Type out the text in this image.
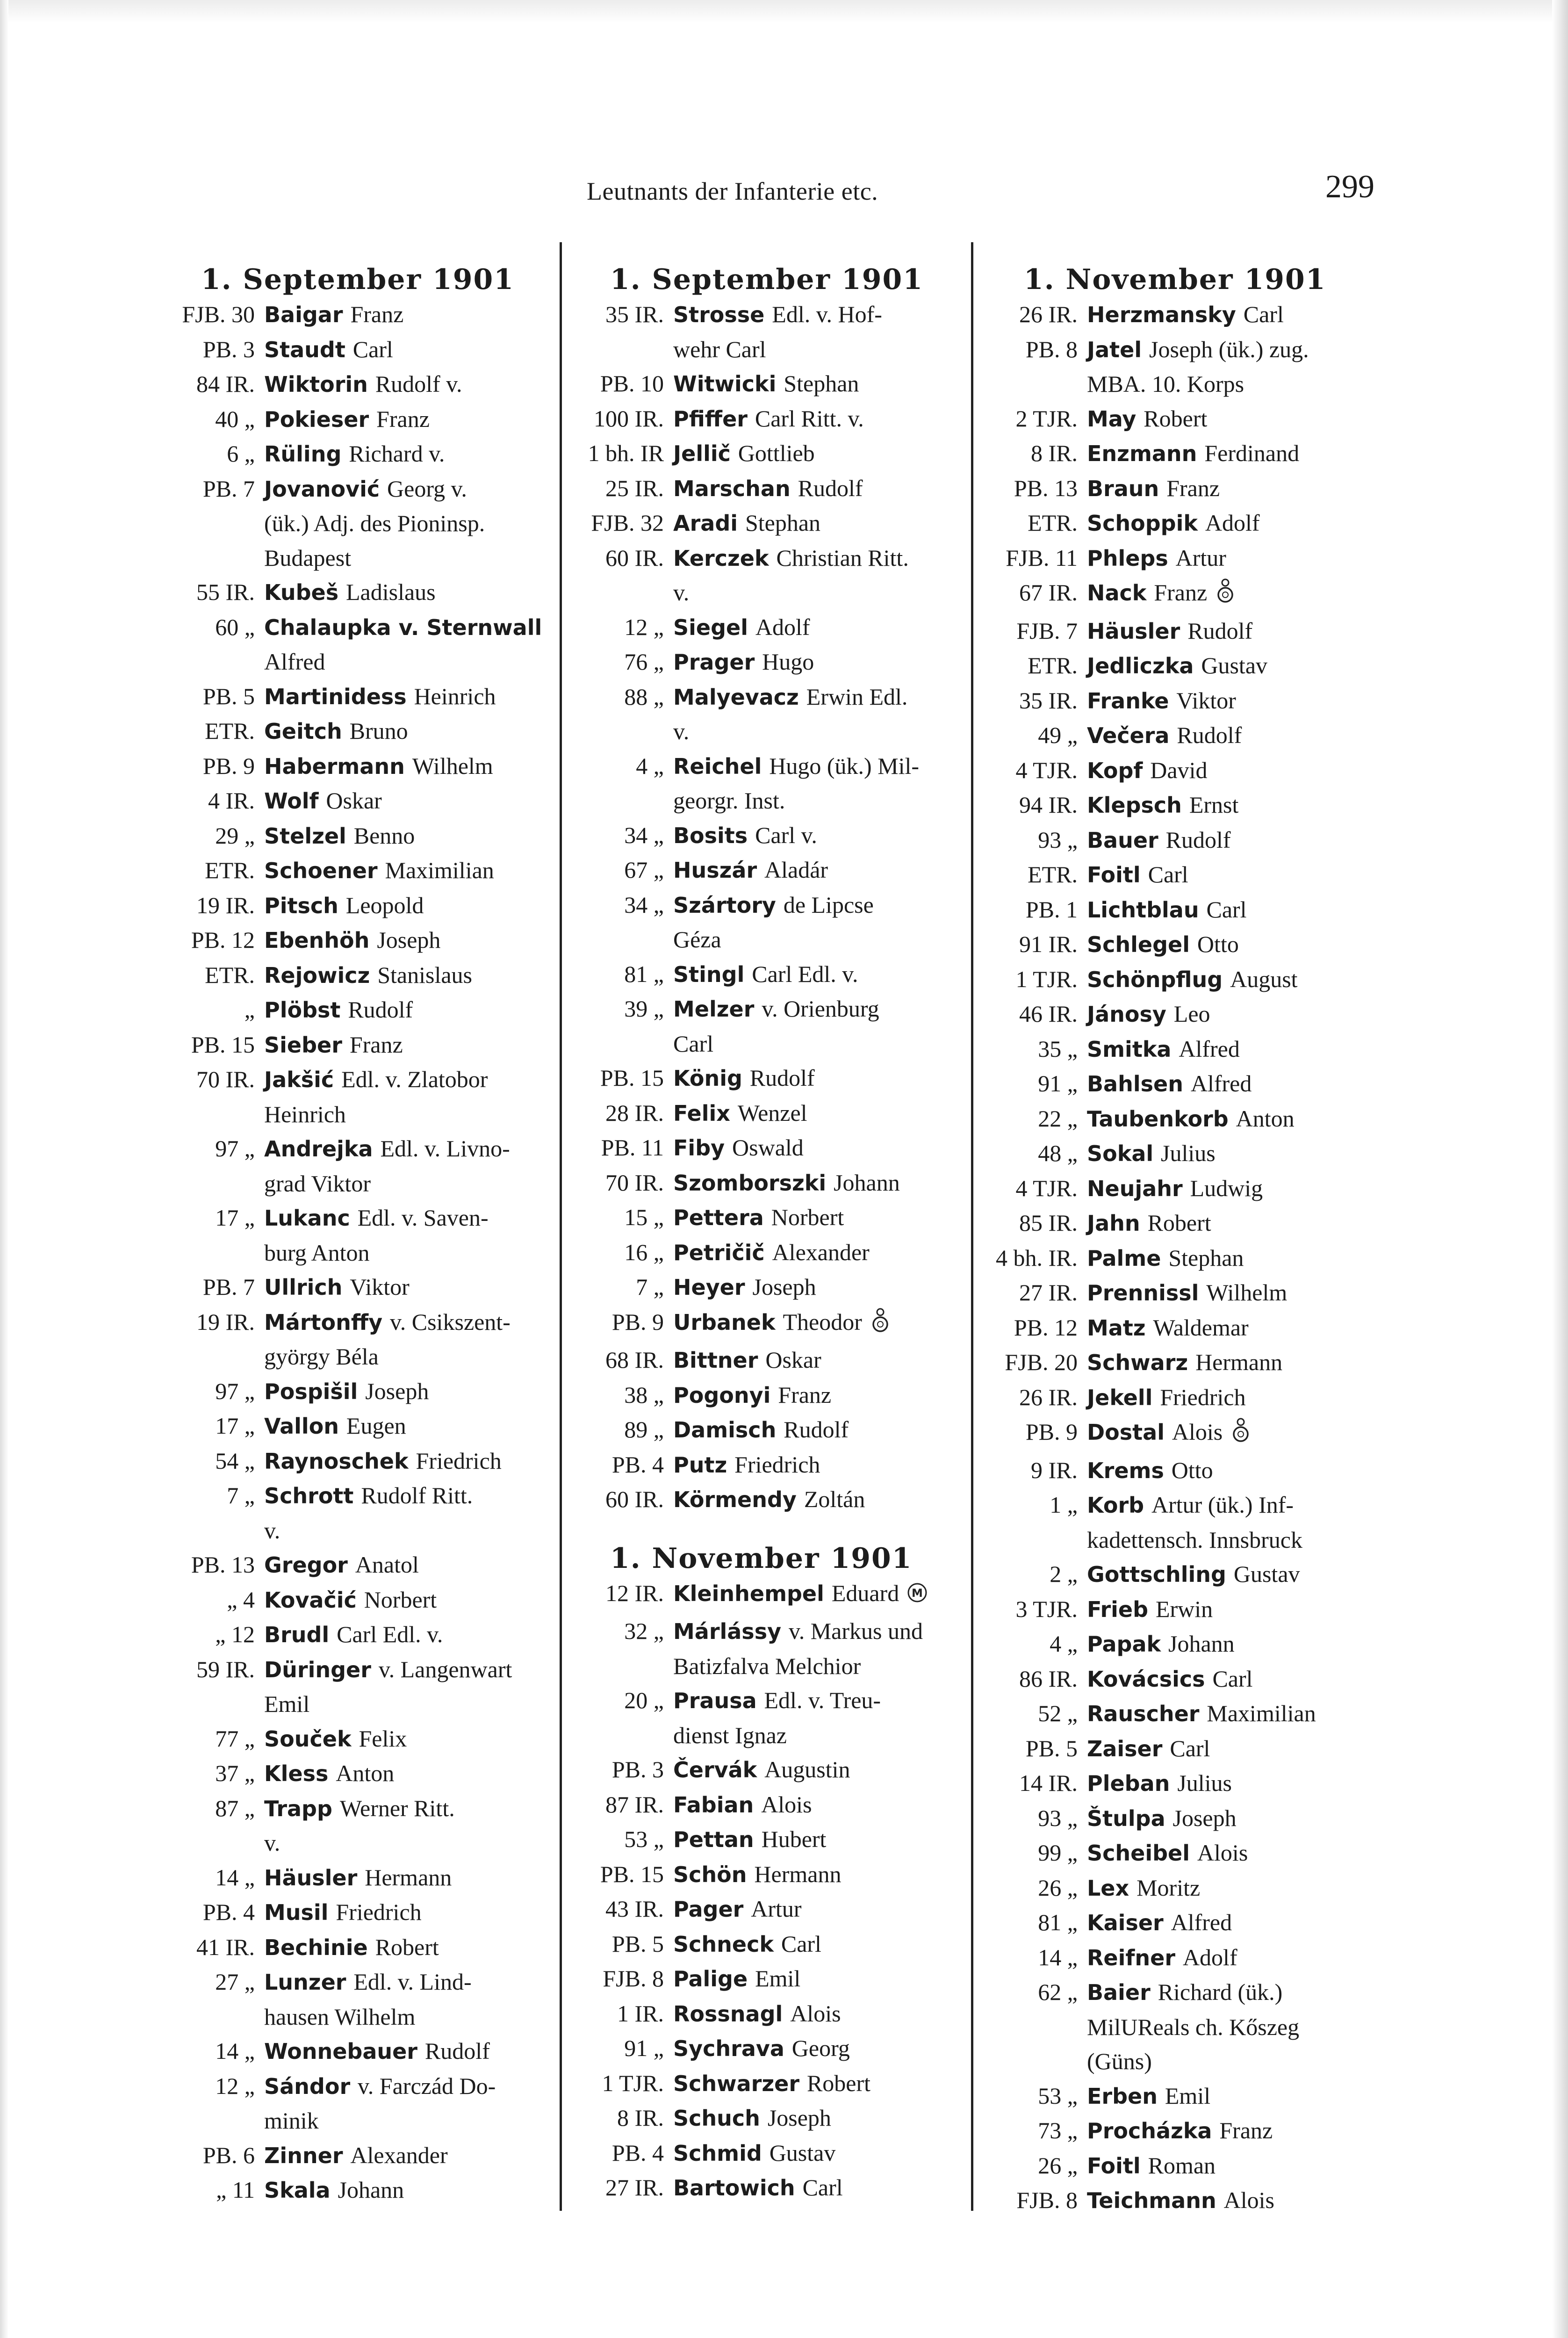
Leutnants der Infanterie etc.	299
1. September 1901
FJB. 30 Baigar Franz
PB. 3 Staudt Carl
84 IR. Wiktorin Rudolf v.
40 „ Pokieser Franz
6 „ Rüling Richard v.
PB. 7 Jovanović Georg v.
(ük.) Adj. des Pioninsp.
Budapest
55 IR. Kubeš Ladislaus
60 „ Chalaupka v. Sternwall
Alfred
PB. 5 Martinidess Heinrich
ETR. Geitch Bruno
PB. 9 Habermann Wilhelm
4 IR. Wolf Oskar
29 „ Stelzel Benno
ETR. Schoener Maximilian
19 IR. Pitsch Leopold
PB. 12 Ebenhöh Joseph
ETR. Rejowicz Stanislaus
„ Plöbst Rudolf
PB. 15 Sieber Franz
70 IR. Jakšić Edl. v. Zlatobor
Heinrich
97 „ Andrejka Edl. v. Livno-
grad Viktor
17 „ Lukanc Edl. v. Saven-
burg Anton
PB. 7 Ullrich Viktor
19 IR. Mártonffy v. Csikszent-
györgy Béla
97 „ Pospišil Joseph
17 „ Vallon Eugen
54 „ Raynoschek Friedrich
7 „ Schrott Rudolf Ritt.
v.
PB. 13 Gregor Anatol
„ 4 Kovačić Norbert
„ 12 Brudl Carl Edl. v.
59 IR. Düringer v. Langenwart
Emil
77 „ Souček Felix
37 „ Kless Anton
87 „ Trapp Werner Ritt.
v.
14 „ Häusler Hermann
PB. 4 Musil Friedrich
41 IR. Bechinie Robert
27 „ Lunzer Edl. v. Lind-
hausen Wilhelm
14 „ Wonnebauer Rudolf
12 „ Sándor v. Farczád Do-
minik
PB. 6 Zinner Alexander
„ 11 Skala Johann
1. September 1901
35 IR. Strosse Edl. v. Hof-
wehr Carl
PB. 10 Witwicki Stephan
100 IR. Pfiffer Carl Ritt. v.
1 bh. IR Jellič Gottlieb
25 IR. Marschan Rudolf
FJB. 32 Aradi Stephan
60 IR. Kerczek Christian Ritt.
v.
12 „ Siegel Adolf
76 „ Prager Hugo
88 „ Malyevacz Erwin Edl.
v.
4 „ Reichel Hugo (ük.) Mil-
georgr. Inst.
34 „ Bosits Carl v.
67 „ Huszár Aladár
34 „ Szártory de Lipcse
Géza
81 „ Stingl Carl Edl. v.
39 „ Melzer v. Orienburg
Carl
PB. 15 König Rudolf
28 IR. Felix Wenzel
PB. 11 Fiby Oswald
70 IR. Szomborszki Johann
15 „ Pettera Norbert
16 „ Petričič Alexander
7 „ Heyer Joseph
PB. 9 Urbanek Theodor
68 IR. Bittner Oskar
38 „ Pogonyi Franz
89 „ Damisch Rudolf
PB. 4 Putz Friedrich
60 IR. Körmendy Zoltán
1. November 1901
12 IR. Kleinhempel Eduard M
32 „ Márlássy v. Markus und
Batizfalva Melchior
20 „ Prausa Edl. v. Treu-
dienst Ignaz
PB. 3 Červák Augustin
87 IR. Fabian Alois
53 „ Pettan Hubert
PB. 15 Schön Hermann
43 IR. Pager Artur
PB. 5 Schneck Carl
FJB. 8 Palige Emil
1 IR. Rossnagl Alois
91 „ Sychrava Georg
1 TJR. Schwarzer Robert
8 IR. Schuch Joseph
PB. 4 Schmid Gustav
27 IR. Bartowich Carl
1. November 1901
26 IR. Herzmansky Carl
PB. 8 Jatel Joseph (ük.) zug.
MBA. 10. Korps
2 TJR. May Robert
8 IR. Enzmann Ferdinand
PB. 13 Braun Franz
ETR. Schoppik Adolf
FJB. 11 Phleps Artur
67 IR. Nack Franz
FJB. 7 Häusler Rudolf
ETR. Jedliczka Gustav
35 IR. Franke Viktor
49 „ Večera Rudolf
4 TJR. Kopf David
94 IR. Klepsch Ernst
93 „ Bauer Rudolf
ETR. Foitl Carl
PB. 1 Lichtblau Carl
91 IR. Schlegel Otto
1 TJR. Schönpflug August
46 IR. Jánosy Leo
35 „ Smitka Alfred
91 „ Bahlsen Alfred
22 „ Taubenkorb Anton
48 „ Sokal Julius
4 TJR. Neujahr Ludwig
85 IR. Jahn Robert
4 bh. IR. Palme Stephan
27 IR. Prennissl Wilhelm
PB. 12 Matz Waldemar
FJB. 20 Schwarz Hermann
26 IR. Jekell Friedrich
PB. 9 Dostal Alois
9 IR. Krems Otto
1 „ Korb Artur (ük.) Inf-
kadettensch. Innsbruck
2 „ Gottschling Gustav
3 TJR. Frieb Erwin
4 „ Papak Johann
86 IR. Kovácsics Carl
52 „ Rauscher Maximilian
PB. 5 Zaiser Carl
14 IR. Pleban Julius
93 „ Štulpa Joseph
99 „ Scheibel Alois
26 „ Lex Moritz
81 „ Kaiser Alfred
14 „ Reifner Adolf
62 „ Baier Richard (ük.)
MilUReals ch. Kőszeg
(Güns)
53 „ Erben Emil
73 „ Procházka Franz
26 „ Foitl Roman
FJB. 8 Teichmann Alois
